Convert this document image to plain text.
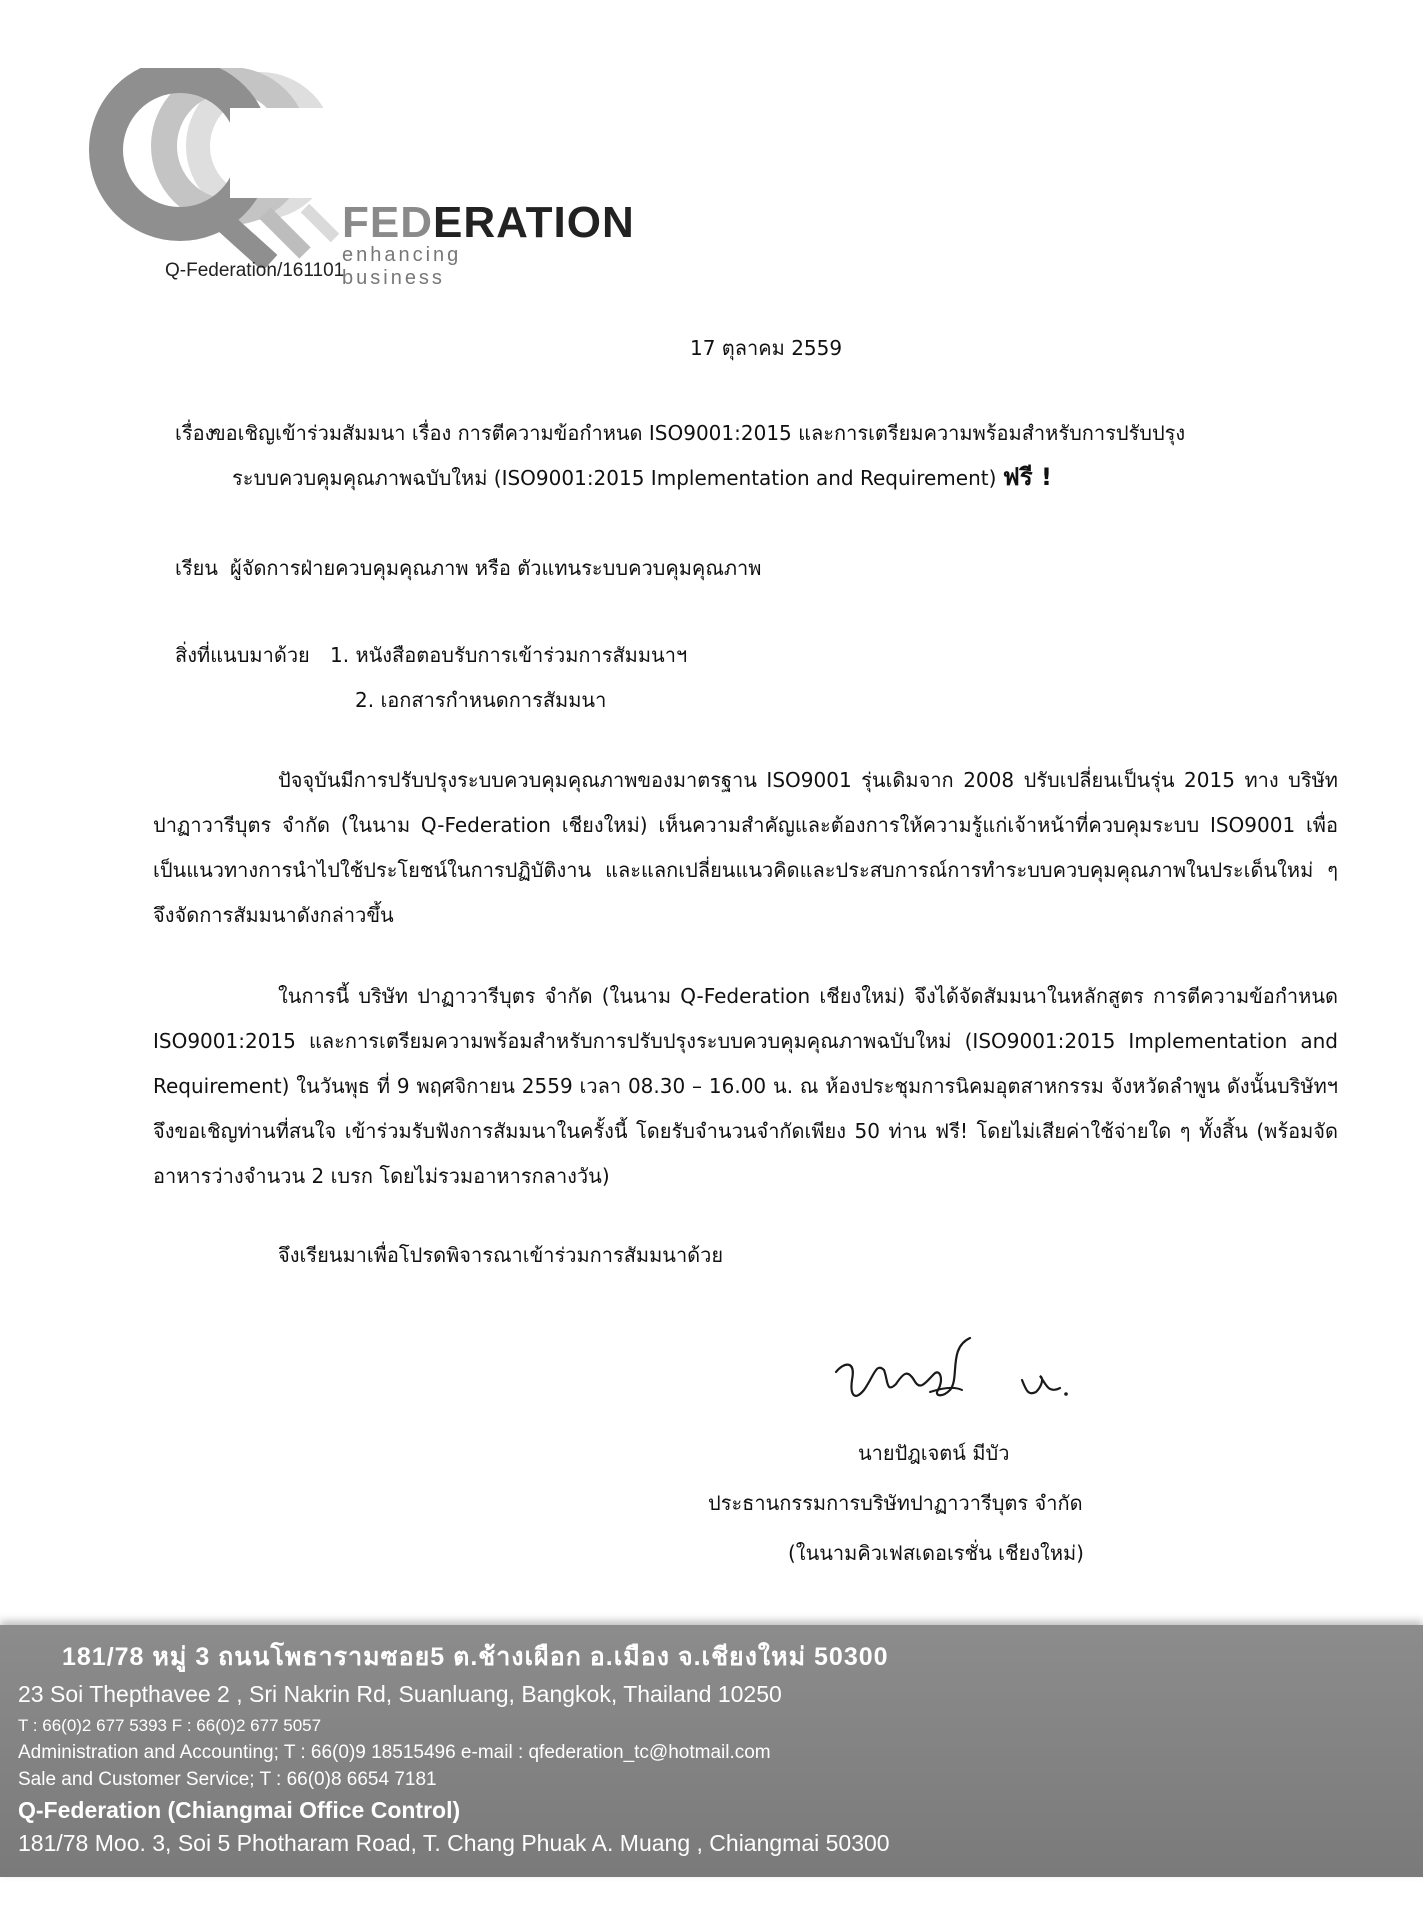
FEDERATION
enhancing business
Q-Federation/161101
17 ตุลาคม 2559
เรื่อง
ขอเชิญเข้าร่วมสัมมนา เรื่อง การตีความข้อกำหนด ISO9001:2015 และการเตรียมความพร้อมสำหรับการปรับปรุง
ระบบควบคุมคุณภาพฉบับใหม่ (ISO9001:2015 Implementation and Requirement) ฟรี !
เรียน ผู้จัดการฝ่ายควบคุมคุณภาพ หรือ ตัวแทนระบบควบคุมคุณภาพ
สิ่งที่แนบมาด้วย 1. หนังสือตอบรับการเข้าร่วมการสัมมนาฯ
2. เอกสารกำหนดการสัมมนา

ปัจจุบันมีการปรับปรุงระบบควบคุมคุณภาพของมาตรฐาน ISO9001 รุ่นเดิมจาก 2008 ปรับเปลี่ยนเป็นรุ่น 2015 ทาง บริษัท ปาฏาวารีบุตร จำกัด (ในนาม Q-Federation เชียงใหม่) เห็นความสำคัญและต้องการให้ความรู้แก่เจ้าหน้าที่ควบคุมระบบ ISO9001 เพื่อเป็นแนวทางการนำไปใช้ประโยชน์ในการปฏิบัติงาน และแลกเปลี่ยนแนวคิดและประสบการณ์การทำระบบควบคุมคุณภาพในประเด็นใหม่ ๆ จึงจัดการสัมมนาดังกล่าวขึ้น

ในการนี้ บริษัท ปาฏาวารีบุตร จำกัด (ในนาม Q-Federation เชียงใหม่) จึงได้จัดสัมมนาในหลักสูตร การตีความข้อกำหนด ISO9001:2015 และการเตรียมความพร้อมสำหรับการปรับปรุงระบบควบคุมคุณภาพฉบับใหม่ (ISO9001:2015 Implementation and Requirement) ในวันพุธ ที่ 9 พฤศจิกายน 2559 เวลา 08.30 – 16.00 น. ณ ห้องประชุมการนิคมอุตสาหกรรม จังหวัดลำพูน ดังนั้นบริษัทฯ จึงขอเชิญท่านที่สนใจ เข้าร่วมรับฟังการสัมมนาในครั้งนี้ โดยรับจำนวนจำกัดเพียง 50 ท่าน ฟรี! โดยไม่เสียค่าใช้จ่ายใด ๆ ทั้งสิ้น (พร้อมจัดอาหารว่างจำนวน 2 เบรก โดยไม่รวมอาหารกลางวัน)

จึงเรียนมาเพื่อโปรดพิจารณาเข้าร่วมการสัมมนาด้วย
นายปัฎเจตน์ มีบัว
ประธานกรรมการบริษัทปาฏาวารีบุตร จำกัด
(ในนามคิวเฟสเดอเรชั่น เชียงใหม่)
181/78 หมู่ 3 ถนนโพธารามซอย5 ต.ช้างเผือก อ.เมือง จ.เชียงใหม่ 50300
23 Soi Thepthavee 2 , Sri Nakrin Rd, Suanluang, Bangkok, Thailand 10250
T : 66(0)2 677 5393 F : 66(0)2 677 5057
Administration and Accounting; T : 66(0)9 18515496 e-mail : qfederation_tc@hotmail.com
Sale and Customer Service; T : 66(0)8 6654 7181
Q-Federation (Chiangmai Office Control)
181/78 Moo. 3, Soi 5 Photharam Road, T. Chang Phuak A. Muang , Chiangmai 50300
